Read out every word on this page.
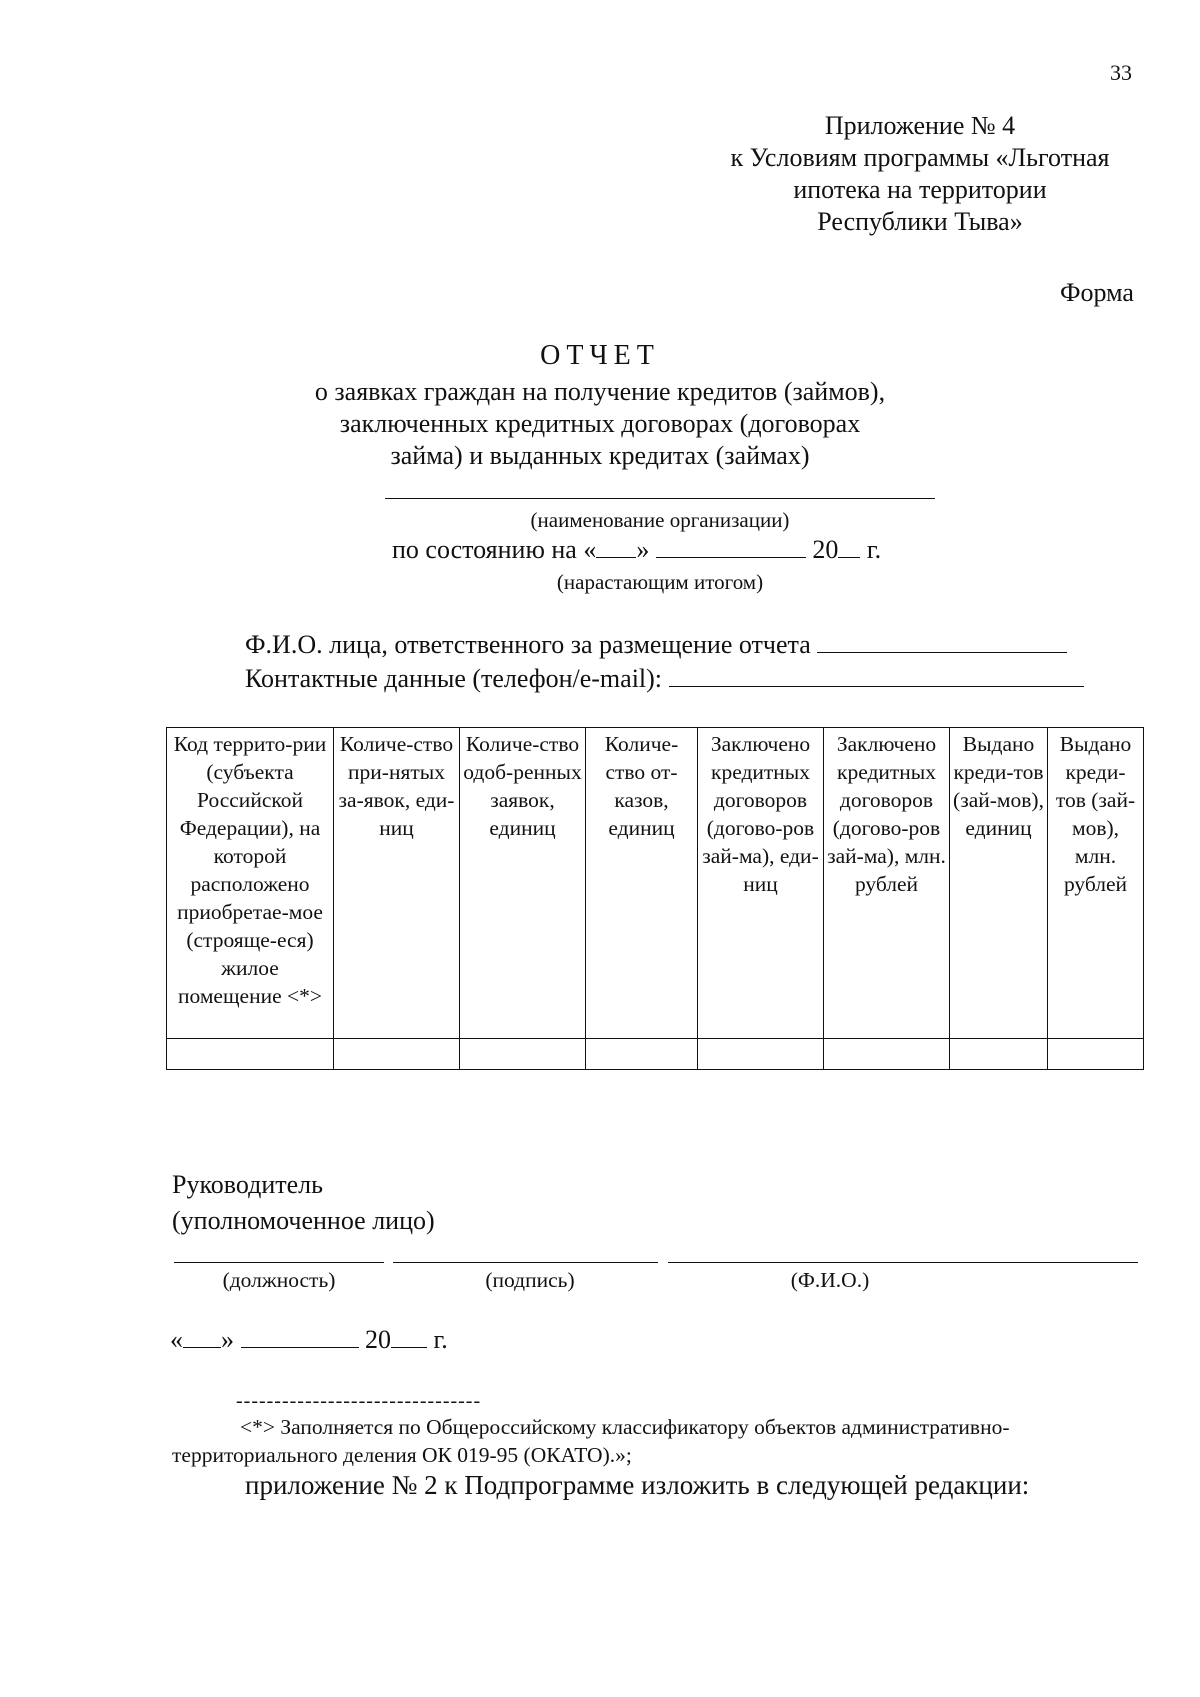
33
Приложение № 4
к Условиям программы «Льготная
ипотека на территории
Республики Тыва»
Форма
ОТЧЕТ
о заявках граждан на получение кредитов (займов),
заключенных кредитных договорах (договорах
займа) и выданных кредитах (займах)
(наименование организации)
по состоянию на « »	20 г.
(нарастающим итогом)
Ф.И.О. лица, ответственного за размещение отчета
Контактные данные (телефон/e-mail):
Код террито-рии (субъекта Российской Федерации), на которой расположено приобретае-мое (строяще-еся) жилое помещение <*>	Количе-ство при-нятых за-явок, еди-ниц	Количе-ство одоб-ренных заявок, единиц	Количе-ство от-казов, единиц	Заключено кредитных договоров (догово-ров зай-ма), еди-ниц	Заключено кредитных договоров (догово-ров зай-ма), млн. рублей	Выдано креди-тов (зай-мов), единиц	Выдано креди-тов (зай-мов), млн. рублей

Руководитель
(уполномоченное лицо)
(должность)	(подпись)	(Ф.И.О.)
« »	20 г.
--------------------------------
<*> Заполняется по Общероссийскому классификатору объектов административно-
территориального деления ОК 019-95 (ОКАТО).»;
приложение № 2 к Подпрограмме изложить в следующей редакции:
